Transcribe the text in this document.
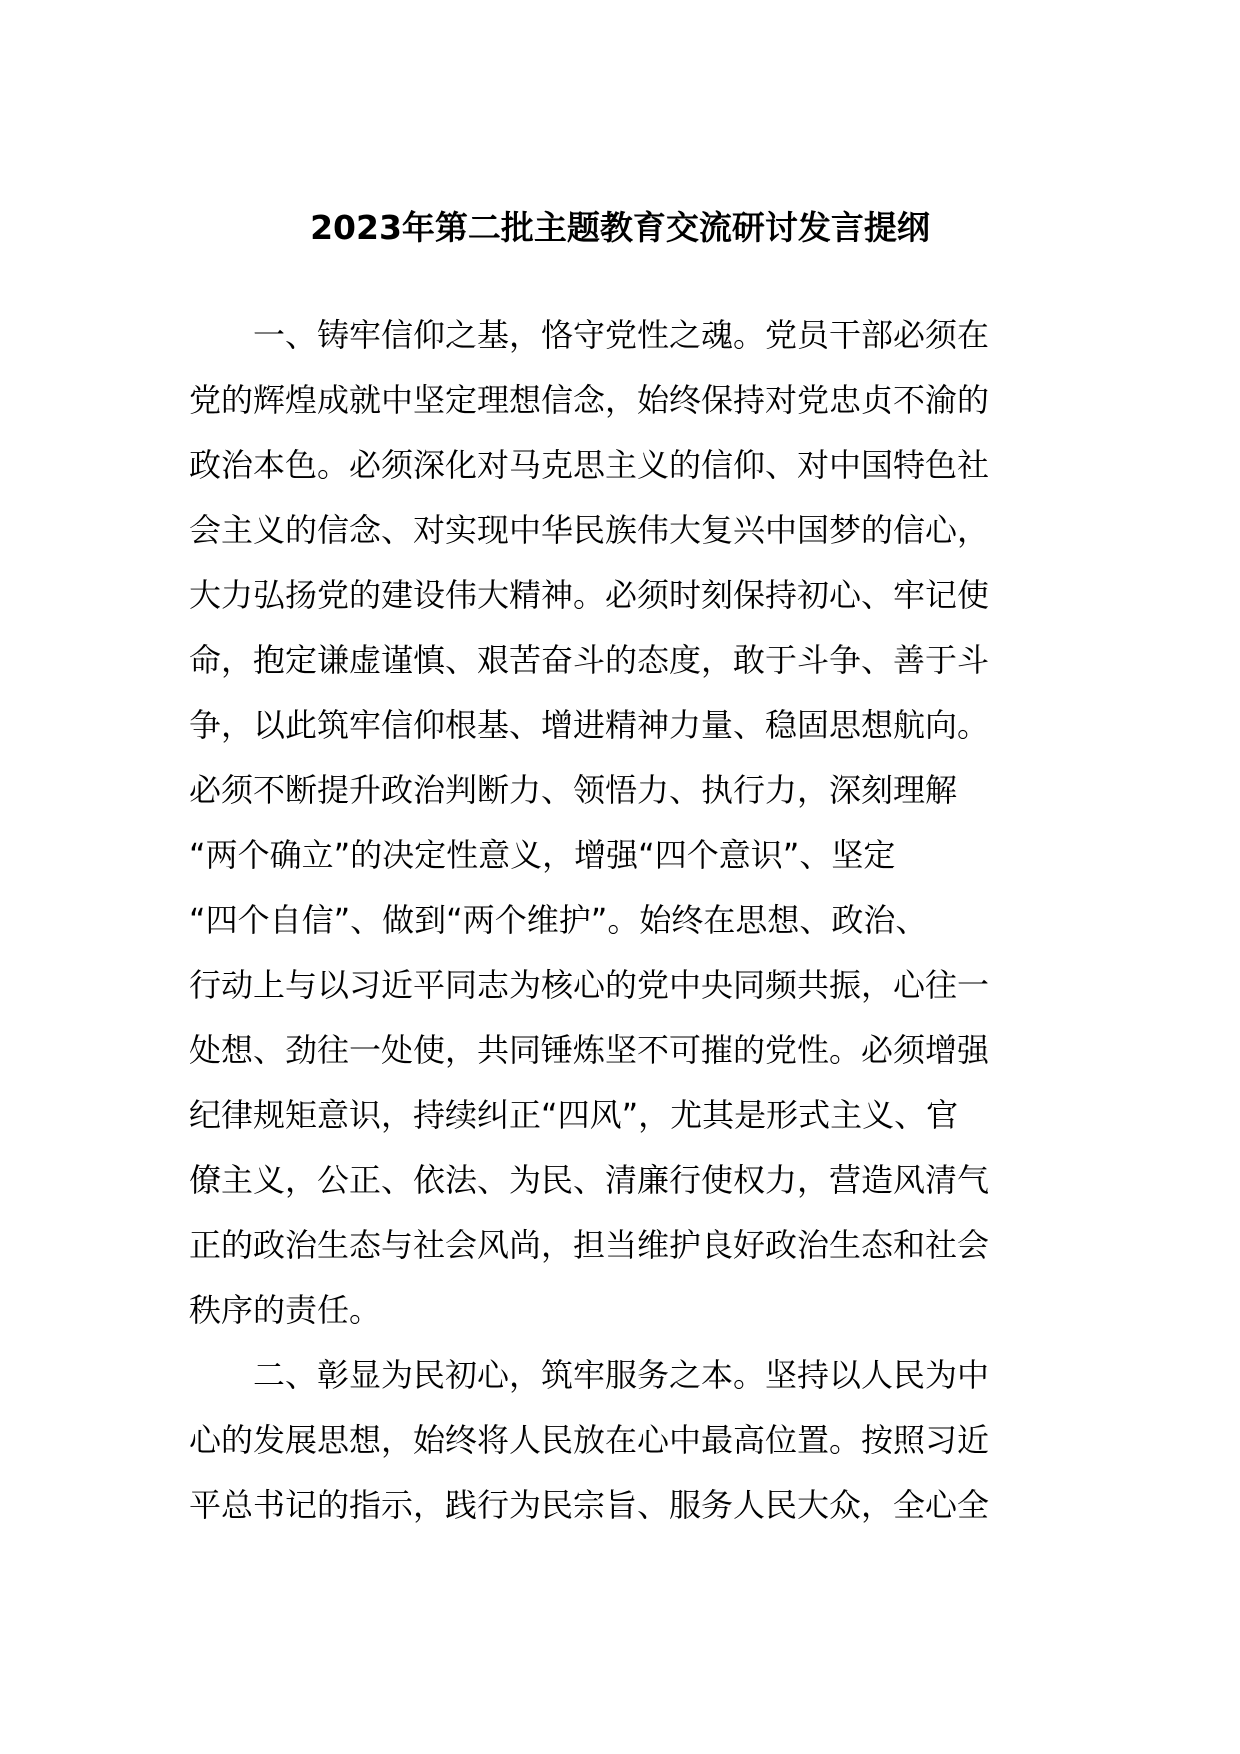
2023年第二批主题教育交流研讨发言提纲
　　一、铸牢信仰之基，恪守党性之魂。党员干部必须在
党的辉煌成就中坚定理想信念，始终保持对党忠贞不渝的
政治本色。必须深化对马克思主义的信仰、对中国特色社
会主义的信念、对实现中华民族伟大复兴中国梦的信心，
大力弘扬党的建设伟大精神。必须时刻保持初心、牢记使
命，抱定谦虚谨慎、艰苦奋斗的态度，敢于斗争、善于斗
争，以此筑牢信仰根基、增进精神力量、稳固思想航向。
必须不断提升政治判断力、领悟力、执行力，深刻理解
“两个确立”的决定性意义，增强“四个意识”、坚定
“四个自信”、做到“两个维护”。始终在思想、政治、
行动上与以习近平同志为核心的党中央同频共振，心往一
处想、劲往一处使，共同锤炼坚不可摧的党性。必须增强
纪律规矩意识，持续纠正“四风”，尤其是形式主义、官
僚主义，公正、依法、为民、清廉行使权力，营造风清气
正的政治生态与社会风尚，担当维护良好政治生态和社会
秩序的责任。
　　二、彰显为民初心，筑牢服务之本。坚持以人民为中
心的发展思想，始终将人民放在心中最高位置。按照习近
平总书记的指示，践行为民宗旨、服务人民大众，全心全
